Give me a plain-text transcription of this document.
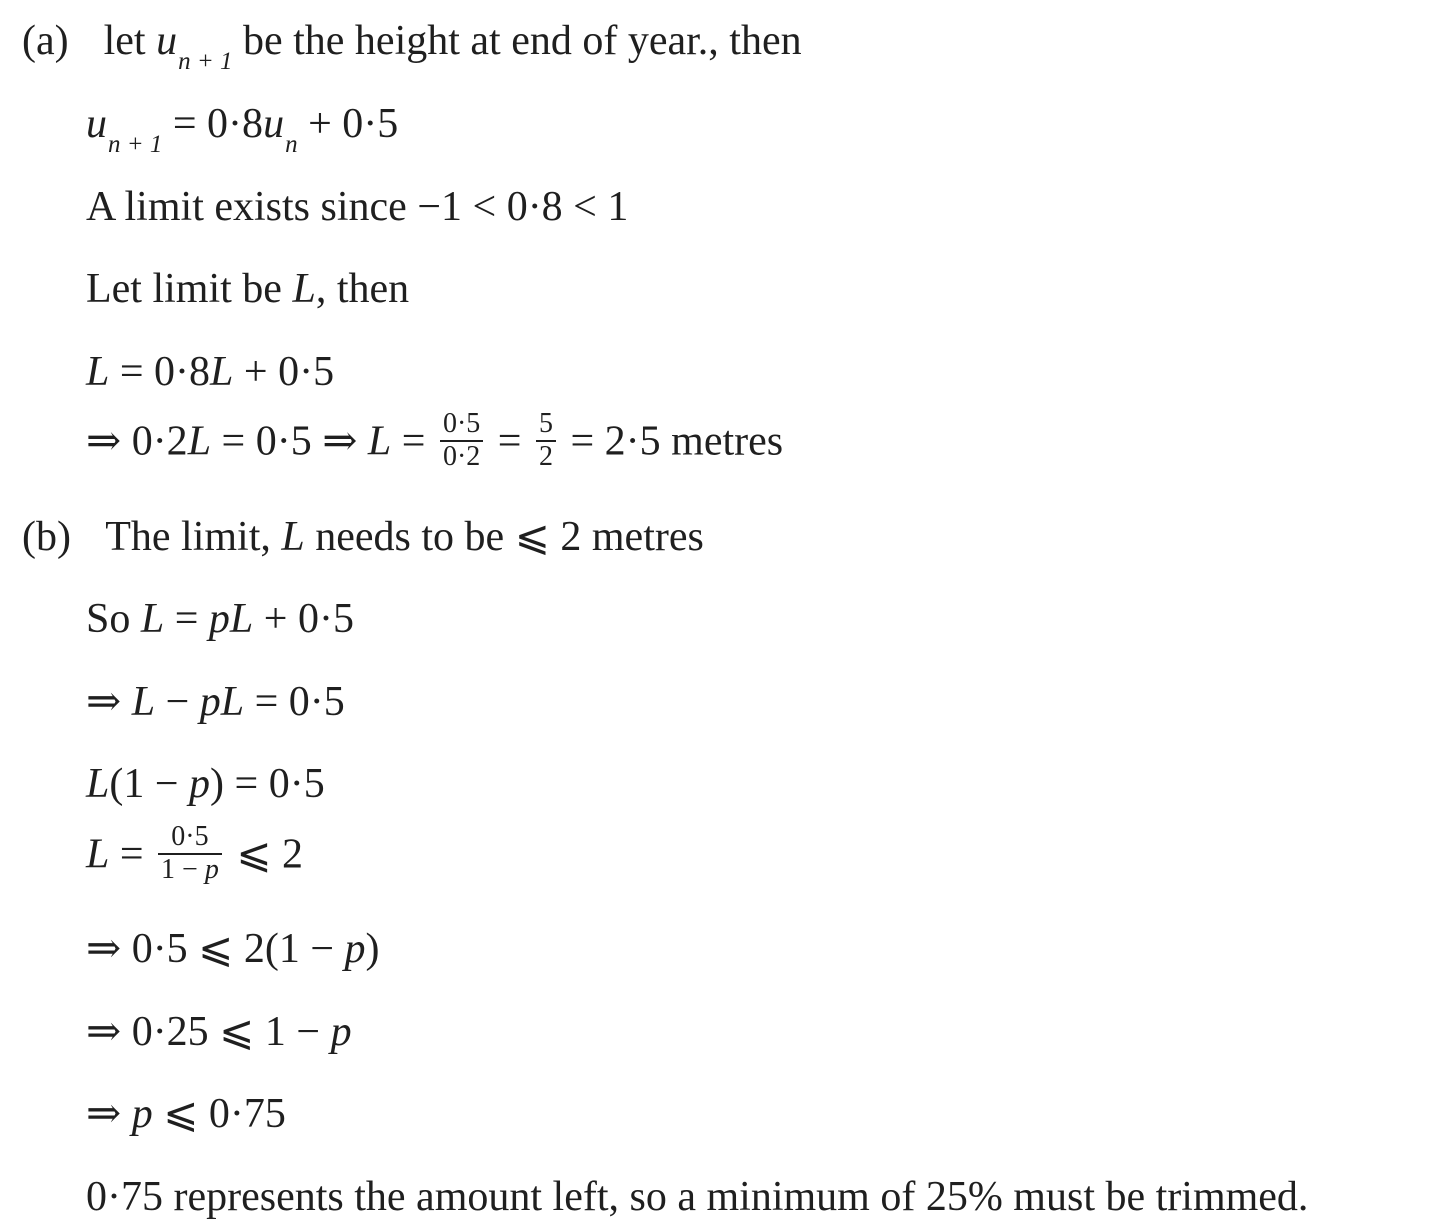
(a) let $u_{n + 1}$ be the height at end of year., then
$u_{n + 1} = 0\cdot 8u_n + 0\cdot 5$
A limit exists since −1 < 0·8 < 1
Let limit be L, then
L = 0·8L + 0·5
⇒ 0·2L = 0·5 ⇒ $L = \frac{0\cdot 5}{0\cdot 2} = \frac{5}{2} = 2\cdot 5$ metres
(b) The limit, L needs to be ⩽ 2 metres
So L = pL + 0·5
⇒ L − pL = 0·5
L(1 − p) = 0·5
$L = \frac{0\cdot 5}{1 - p}$ ⩽ 2
⇒ 0·5 ⩽ 2(1 − p)
⇒ 0·25 ⩽ 1 − p
⇒ p ⩽ 0·75
0·75 represents the amount left, so a minimum of 25% must be trimmed.
